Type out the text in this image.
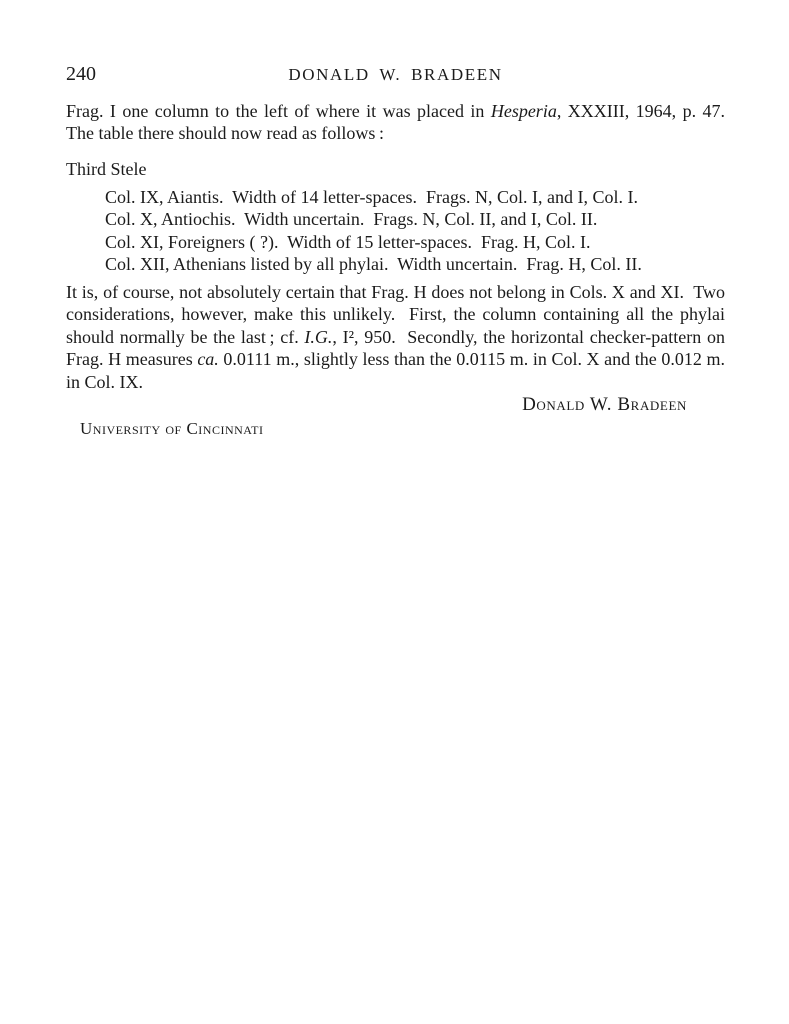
240	DONALD W. BRADEEN

Frag. I one column to the left of where it was placed in Hesperia, XXXIII, 1964, p. 47.  The table there should now read as follows :

Third Stele
Col. IX, Aiantis.  Width of 14 letter-spaces.  Frags. N, Col. I, and I, Col. I.
Col. X, Antiochis.  Width uncertain.  Frags. N, Col. II, and I, Col. II.
Col. XI, Foreigners ( ?).  Width of 15 letter-spaces.  Frag. H, Col. I.
Col. XII, Athenians listed by all phylai.  Width uncertain.  Frag. H, Col. II.

It is, of course, not absolutely certain that Frag. H does not belong in Cols. X and XI.  Two considerations, however, make this unlikely.  First, the column containing all the phylai should normally be the last ; cf. I.G., I², 950.  Secondly, the horizontal checker-pattern on Frag. H measures ca. 0.0111 m., slightly less than the 0.0115 m. in Col. X and the 0.012 m. in Col. IX.

Donald W. Bradeen
University of Cincinnati
